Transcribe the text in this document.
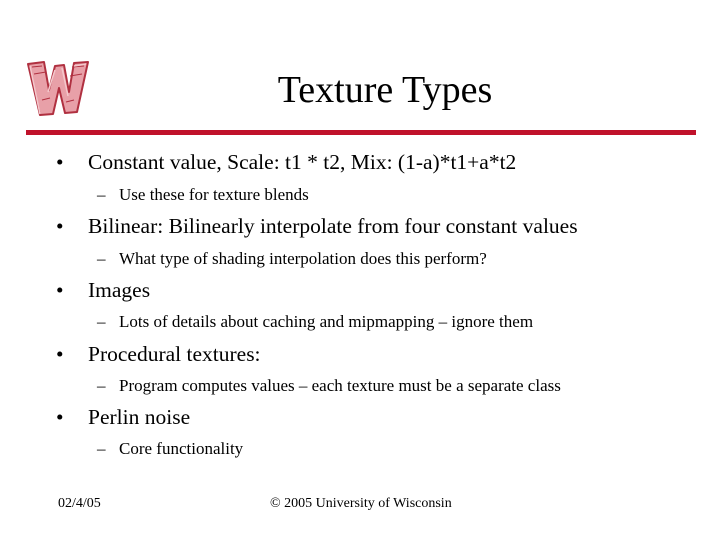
Texture Types
• Constant value, Scale: t1 * t2, Mix: (1-a)*t1+a*t2
– Use these for texture blends
• Bilinear: Bilinearly interpolate from four constant values
– What type of shading interpolation does this perform?
• Images
– Lots of details about caching and mipmapping – ignore them
• Procedural textures:
– Program computes values – each texture must be a separate class
• Perlin noise
– Core functionality
02/4/05	© 2005 University of Wisconsin
